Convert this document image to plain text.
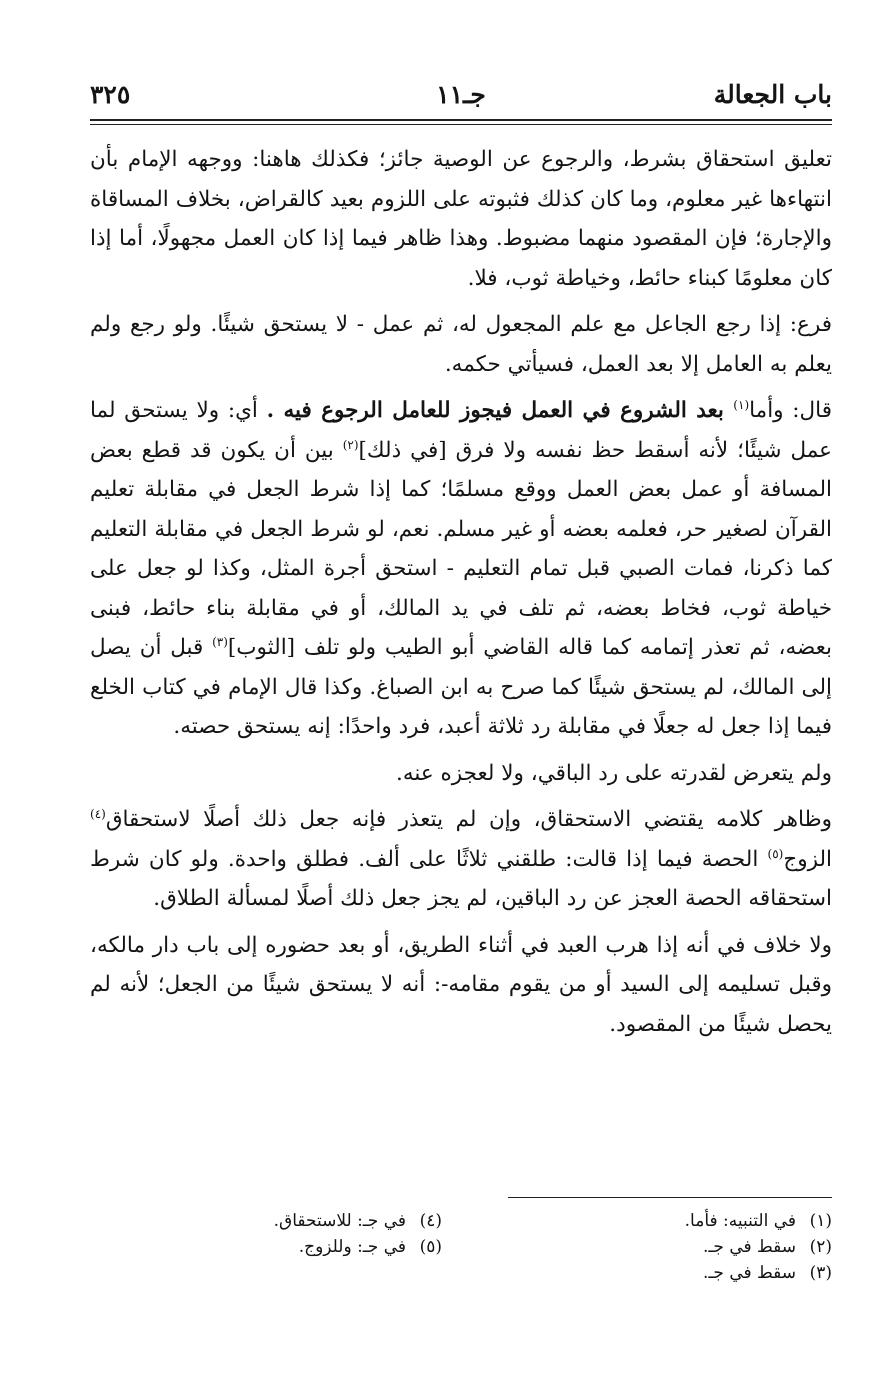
باب الجعالة
جـ١١
٣٢٥

تعليق استحقاق بشرط، والرجوع عن الوصية جائز؛ فكذلك هاهنا: ووجهه الإمام بأن انتهاءها غير معلوم، وما كان كذلك فثبوته على اللزوم بعيد كالقراض، بخلاف المساقاة والإجارة؛ فإن المقصود منهما مضبوط. وهذا ظاهر فيما إذا كان العمل مجهولًا، أما إذا كان معلومًا كبناء حائط، وخياطة ثوب، فلا.

فرع: إذا رجع الجاعل مع علم المجعول له، ثم عمل - لا يستحق شيئًا. ولو رجع ولم يعلم به العامل إلا بعد العمل، فسيأتي حكمه.

قال: وأما$^{(١)}$ بعد الشروع في العمل فيجوز للعامل الرجوع فيه . أي: ولا يستحق لما عمل شيئًا؛ لأنه أسقط حظ نفسه ولا فرق [في ذلك]$^{(٢)}$ بين أن يكون قد قطع بعض المسافة أو عمل بعض العمل ووقع مسلمًا؛ كما إذا شرط الجعل في مقابلة تعليم القرآن لصغير حر، فعلمه بعضه أو غير مسلم. نعم، لو شرط الجعل في مقابلة التعليم كما ذكرنا، فمات الصبي قبل تمام التعليم - استحق أجرة المثل، وكذا لو جعل على خياطة ثوب، فخاط بعضه، ثم تلف في يد المالك، أو في مقابلة بناء حائط، فبنى بعضه، ثم تعذر إتمامه كما قاله القاضي أبو الطيب ولو تلف [الثوب]$^{(٣)}$ قبل أن يصل إلى المالك، لم يستحق شيئًا كما صرح به ابن الصباغ. وكذا قال الإمام في كتاب الخلع فيما إذا جعل له جعلًا في مقابلة رد ثلاثة أعبد، فرد واحدًا: إنه يستحق حصته.

ولم يتعرض لقدرته على رد الباقي، ولا لعجزه عنه.

وظاهر كلامه يقتضي الاستحقاق، وإن لم يتعذر فإنه جعل ذلك أصلًا لاستحقاق$^{(٤)}$ الزوج$^{(٥)}$ الحصة فيما إذا قالت: طلقني ثلاثًا على ألف. فطلق واحدة. ولو كان شرط استحقاقه الحصة العجز عن رد الباقين، لم يجز جعل ذلك أصلًا لمسألة الطلاق.

ولا خلاف في أنه إذا هرب العبد في أثناء الطريق، أو بعد حضوره إلى باب دار مالكه، وقبل تسليمه إلى السيد أو من يقوم مقامه-: أنه لا يستحق شيئًا من الجعل؛ لأنه لم يحصل شيئًا من المقصود.

(١)في التنبيه: فأما.
(٢)سقط في جـ.
(٣)سقط في جـ.
(٤)في جـ: للاستحقاق.
(٥)في جـ: وللزوج.
